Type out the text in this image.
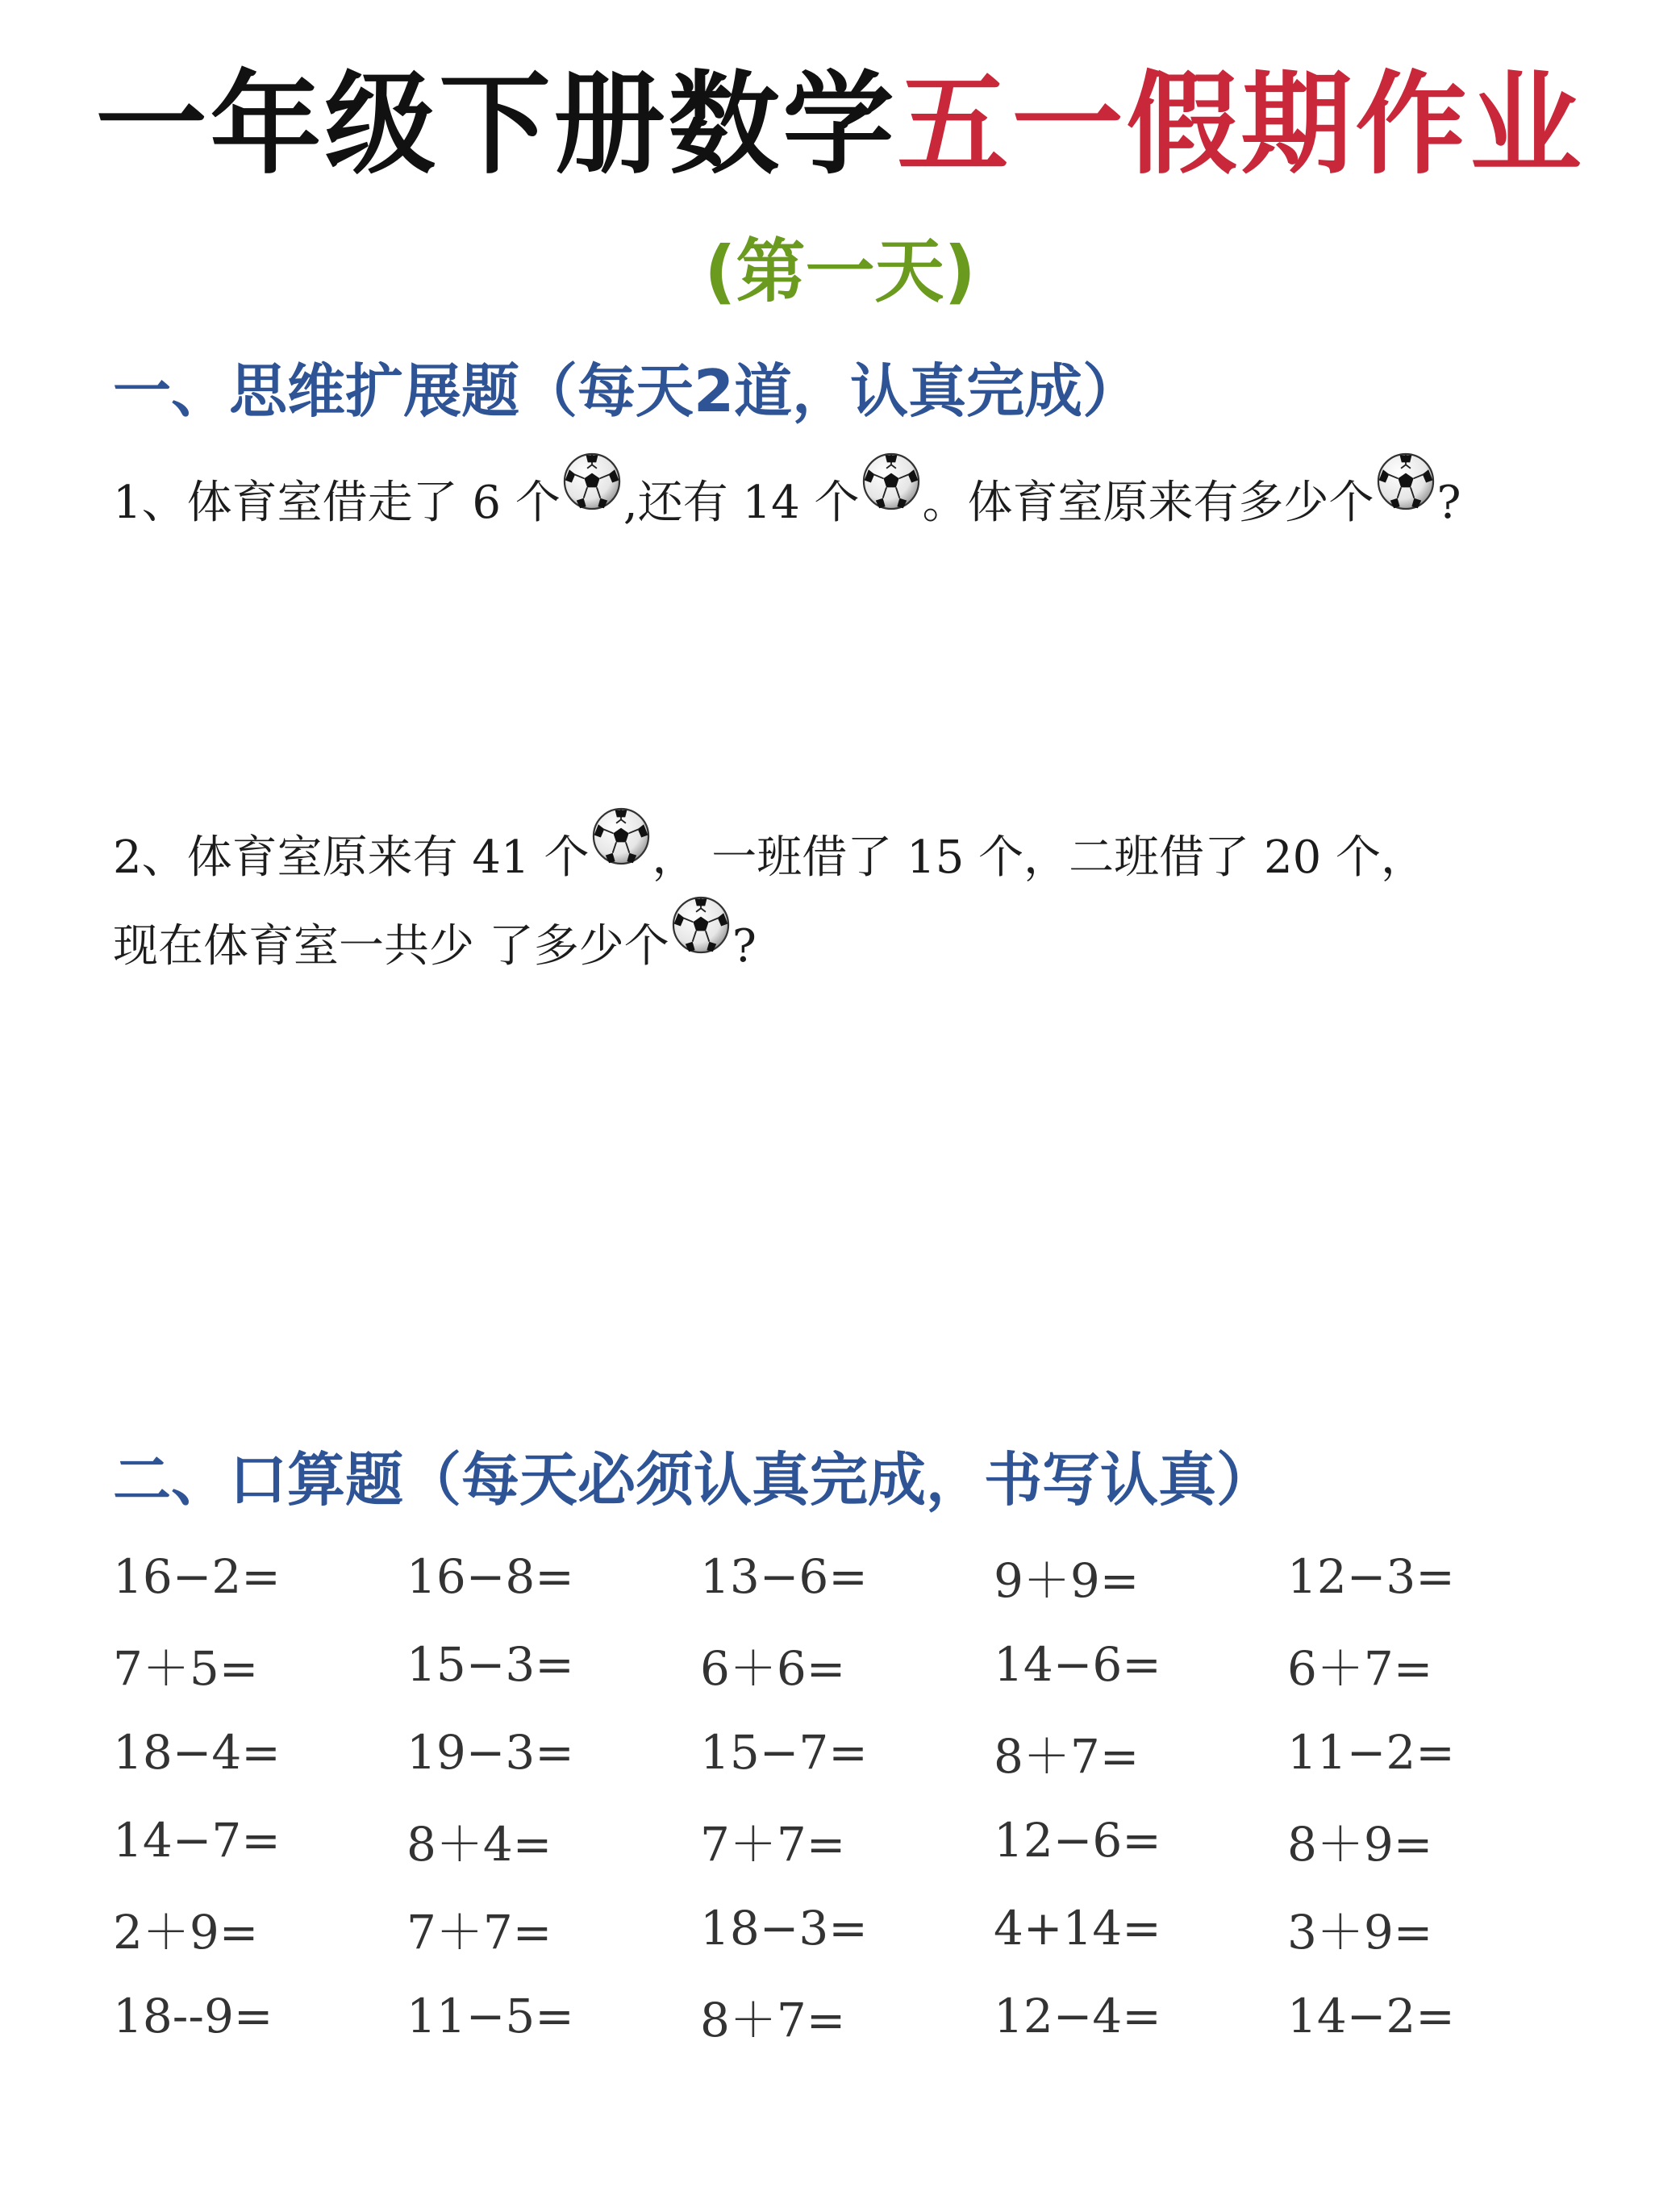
一年级下册数学五一假期作业
(第一天)
一、思维扩展题（每天2道，认真完成）
1、体育室借走了 6 个 ,还有 14 个 。体育室原来有多少个 ?
2、体育室原来有 41 个 ， 一班借了 15 个，二班借了 20 个，
现在体育室一共少 了多少个 ?
二、口算题（每天必须认真完成，书写认真）
16−2=	16−8=	13−6=	9＋9=	12−3=
7＋5=	15−3=	6＋6=	14−6=	6＋7=
18−4=	19−3=	15−7=	8＋7=	11−2=
14−7=	8＋4=	7＋7=	12−6=	8＋9=
2＋9=	7＋7=	18−3=	4+14=	3＋9=
18--9=	11−5=	8＋7=	12−4=	14−2=
